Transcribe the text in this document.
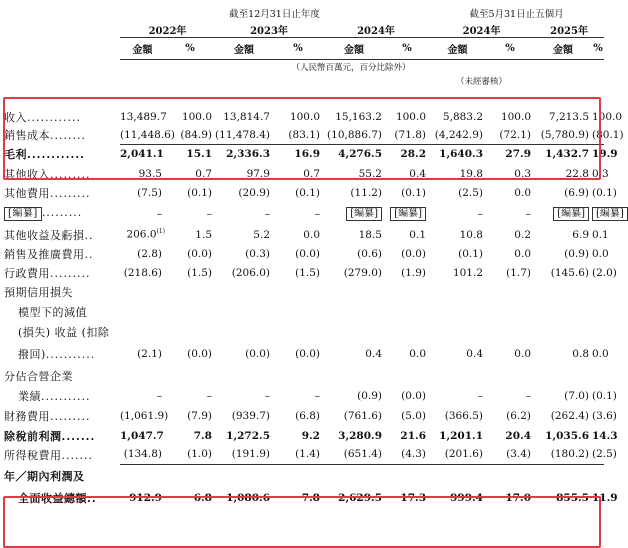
	截至12月31日止年度						截至5月31日止五個月			
	2022年		2023年		2024年		2024年		2025年	
	金額	%	金額	%	金額	%	金額	%	金額	%
				（人民幣百萬元，百分比除外）						
							（未經審核）			
收入............	13,489.7	100.0	13,814.7	100.0	15,163.2	100.0	5,883.2	100.0	7,213.5	100.0	
銷售成本........	(11,448.6)	(84.9)	(11,478.4)	(83.1)	(10,886.7)	(71.8)	(4,242.9)	(72.1)	(5,780.9)	(80.1)	
毛利............	2,041.1	15.1	2,336.3	16.9	4,276.5	28.2	1,640.3	27.9	1,432.7	19.9	
其他收入.........	93.5	0.7	97.9	0.7	55.2	0.4	19.8	0.3	22.8	0.3	
其他費用.........	(7.5)	(0.1)	(20.9)	(0.1)	(11.2)	(0.1)	(2.5)	0.0	(6.9)	(0.1)	
[編纂] .........	–	–	–	–	[編纂]	[編纂]	–	–	[編纂]	[編纂]	
其他收益及虧損..	206.0$^{(1)}$	1.5	5.2	0.0	18.5	0.1	10.8	0.2	6.9	0.1	
銷售及推廣費用..	(2.8)	(0.0)	(0.3)	(0.0)	(0.6)	(0.0)	(0.1)	0.0	(0.9)	0.0	
行政費用.........	(218.6)	(1.5)	(206.0)	(1.5)	(279.0)	(1.9)	101.2	(1.7)	(145.6)	(2.0)	
預期信用損失											
模型下的減值											
(損失) 收益 (扣除											
撥回)...........	(2.1)	(0.0)	(0.0)	(0.0)	0.4	0.0	0.4	0.0	0.8	0.0	
分佔合營企業											
業績...........	–	–	–	–	(0.9)	(0.0)	–	–	(7.0)	(0.1)	
財務費用.........	(1,061.9)	(7.9)	(939.7)	(6.8)	(761.6)	(5.0)	(366.5)	(6.2)	(262.4)	(3.6)	
除稅前利潤.......	1,047.7	7.8	1,272.5	9.2	3,280.9	21.6	1,201.1	20.4	1,035.6	14.3	
所得稅費用.......	(134.8)	(1.0)	(191.9)	(1.4)	(651.4)	(4.3)	(201.6)	(3.4)	(180.2)	(2.5)	
年／期內利潤及											
全面收益總額..	912.9	6.8	1,080.6	7.8	2,629.5	17.3	999.4	17.0	855.5	11.9	
